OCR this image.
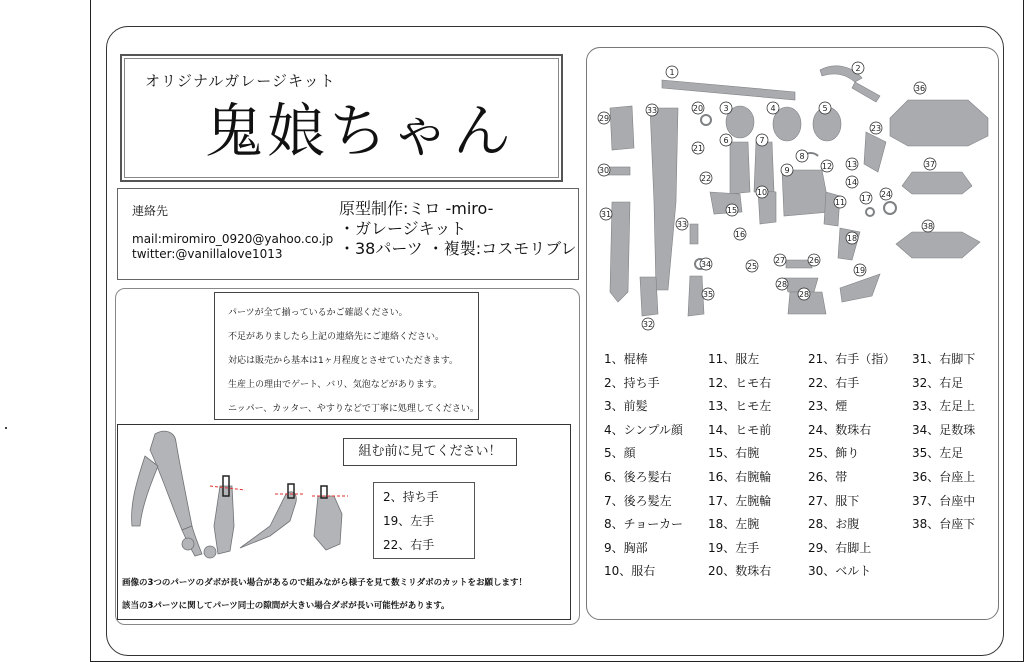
オリジナルガレージキット
鬼娘ちゃん
連絡先
mail:miromiro_0920@yahoo.co.jp
twitter:@vanillalove1013
原型制作:ミロ -miro-
・ガレージキット
・38パーツ ・複製:コスモリブレ
パーツが全て揃っているかご確認ください。
不足がありましたら上記の連絡先にご連絡ください。
対応は販売から基本は1ヶ月程度とさせていただきます。
生産上の理由でゲート、バリ、気泡などがあります。
ニッパー、カッター、やすりなどで丁寧に処理してください。
組む前に見てください！
2、持ち手
19、左手
22、右手
画像の3つのパーツのダボが長い場合があるので組みながら様子を見て数ミリダボのカットをお願します！
該当の3パーツに関してパーツ同士の隙間が大きい場合ダボが長い可能性があります。
1	2
3	4	5
6	7
8
9
10
11
12 13
14
15
16
17
18
19
20
21
22
23
24
25
26
27
28
28
29
30
31
32
33
33
34
35
36
37
38
1、棍棒
2、持ち手
3、前髪
4、シンプル顔
5、顔
6、後ろ髪右
7、後ろ髪左
8、チョーカー
9、胸部
10、服右
11、服左
12、ヒモ右
13、ヒモ左
14、ヒモ前
15、右腕
16、右腕輪
17、左腕輪
18、左腕
19、左手
20、数珠右
21、右手（指）
22、右手
23、煙
24、数珠右
25、飾り
26、帯
27、服下
28、お腹
29、右脚上
30、ベルト
31、右脚下
32、右足
33、左足上
34、足数珠
35、左足
36、台座上
37、台座中
38、台座下
